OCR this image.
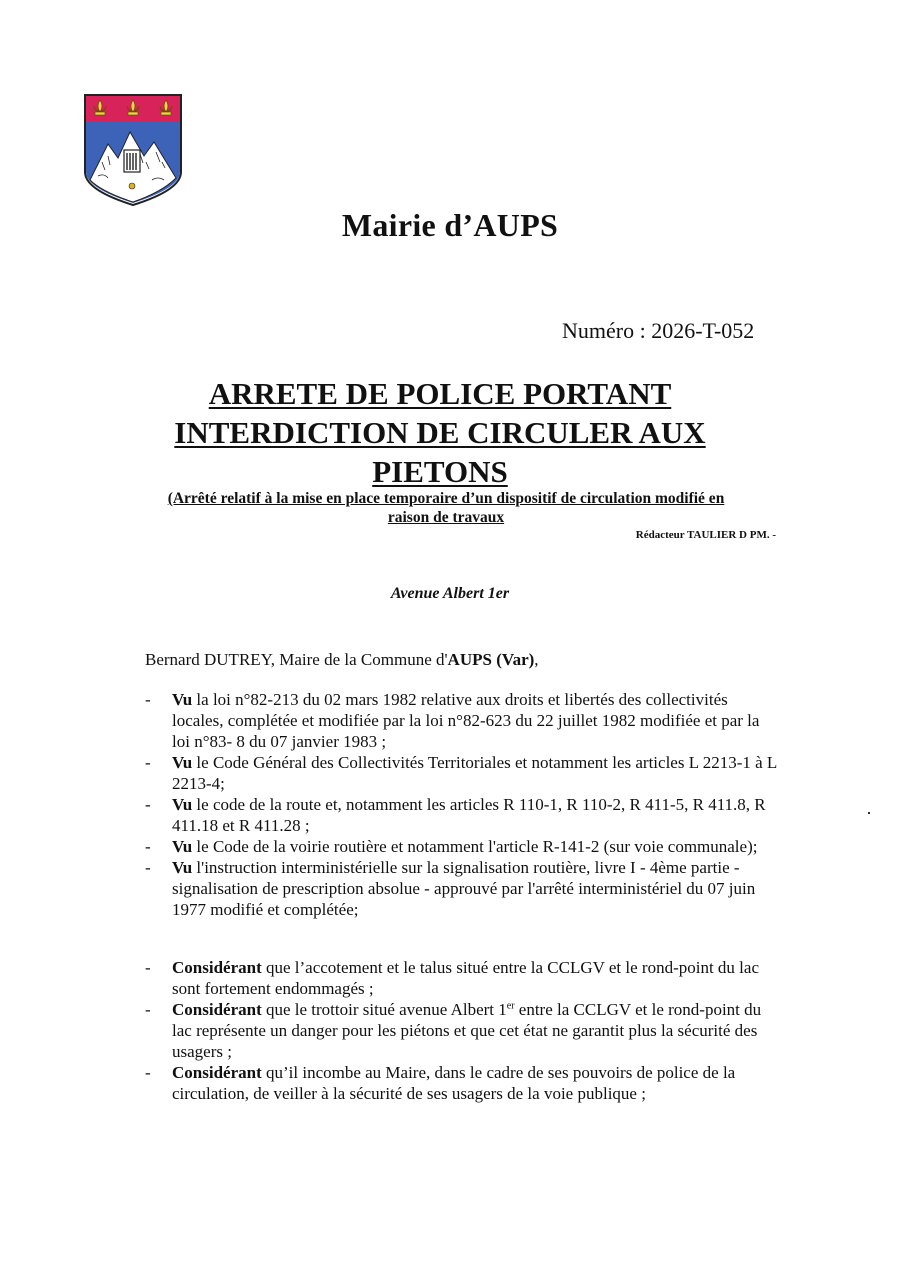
Mairie d’AUPS
Numéro : 2026-T-052
ARRETE DE POLICE PORTANT
INTERDICTION DE CIRCULER AUX
PIETONS
(Arrêté relatif à la mise en place temporaire d’un dispositif de circulation modifié en
raison de travaux
Rédacteur TAULIER D PM. -
Avenue Albert 1er
Bernard DUTREY, Maire de la Commune d'AUPS (Var),
- Vu la loi n°82-213 du 02 mars 1982 relative aux droits et libertés des collectivités locales, complétée et modifiée par la loi n°82-623 du 22 juillet 1982 modifiée et par la loi n°83- 8 du 07 janvier 1983 ;
- Vu le Code Général des Collectivités Territoriales et notamment les articles L 2213-1 à L 2213-4;
- Vu le code de la route et, notamment les articles R 110-1, R 110-2, R 411-5, R 411.8, R 411.18 et R 411.28 ;
- Vu le Code de la voirie routière et notamment l'article R-141-2 (sur voie communale);
- Vu l'instruction interministérielle sur la signalisation routière, livre I - 4ème partie - signalisation de prescription absolue - approuvé par l'arrêté interministériel du 07 juin 1977 modifié et complétée;
- Considérant que l’accotement et le talus situé entre la CCLGV et le rond-point du lac sont fortement endommagés ;
- Considérant que le trottoir situé avenue Albert 1er entre la CCLGV et le rond-point du lac représente un danger pour les piétons et que cet état ne garantit plus la sécurité des usagers ;
- Considérant qu’il incombe au Maire, dans le cadre de ses pouvoirs de police de la circulation, de veiller à la sécurité de ses usagers de la voie publique ;
